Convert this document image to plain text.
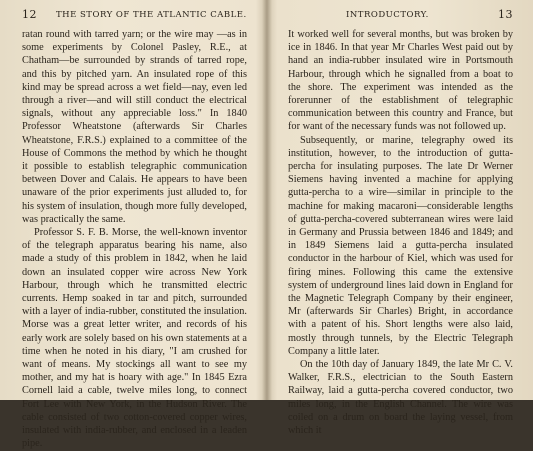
12 THE STORY OF THE ATLANTIC CABLE.

ratan round with tarred yarn; or the wire may —as in some experiments by Colonel Pasley, R.E., at Chatham—be surrounded by strands of tarred rope, and this by pitched yarn. An insulated rope of this kind may be spread across a wet field—nay, even led through a river—and will still conduct the electrical signals, without any appreciable loss." In 1840 Professor Wheatstone (afterwards Sir Charles Wheatstone, F.R.S.) explained to a committee of the House of Commons the method by which he thought it possible to establish telegraphic communication between Dover and Calais. He appears to have been unaware of the prior experiments just alluded to, for his system of insulation, though more fully developed, was practically the same.

Professor S. F. B. Morse, the well-known inventor of the telegraph apparatus bearing his name, also made a study of this problem in 1842, when he laid down an insulated copper wire across New York Harbour, through which he transmitted electric currents. Hemp soaked in tar and pitch, surrounded with a layer of india-rubber, constituted the insulation. Morse was a great letter writer, and records of his early work are solely based on his own statements at a time when he noted in his diary, "I am crushed for want of means. My stockings all want to see my mother, and my hat is hoary with age." In 1845 Ezra Cornell laid a cable, twelve miles long, to connect Fort Lee with New York, in the Hudson River. The cable consisted of two cotton-covered copper wires, insulated with india-rubber, and enclosed in a leaden pipe.

INTRODUCTORY.	13

It worked well for several months, but was broken by ice in 1846. In that year Mr Charles West paid out by hand an india-rubber insulated wire in Portsmouth Harbour, through which he signalled from a boat to the shore. The experiment was intended as the forerunner of the establishment of telegraphic communication between this country and France, but for want of the necessary funds was not followed up.

Subsequently, or marine, telegraphy owed its institution, however, to the introduction of gutta-percha for insulating purposes. The late Dr Werner Siemens having invented a machine for applying gutta-percha to a wire—similar in principle to the machine for making macaroni—considerable lengths of gutta-percha-covered subterranean wires were laid in Germany and Prussia between 1846 and 1849; and in 1849 Siemens laid a gutta-percha insulated conductor in the harbour of Kiel, which was used for firing mines. Following this came the extensive system of underground lines laid down in England for the Magnetic Telegraph Company by their engineer, Mr (afterwards Sir Charles) Bright, in accordance with a patent of his. Short lengths were also laid, mostly through tunnels, by the Electric Telegraph Company a little later.

On the 10th day of January 1849, the late Mr C. V. Walker, F.R.S., electrician to the South Eastern Railway, laid a gutta-percha covered conductor, two miles long, in the English Channel. The wire was coiled on a drum on board the laying vessel, from which it
